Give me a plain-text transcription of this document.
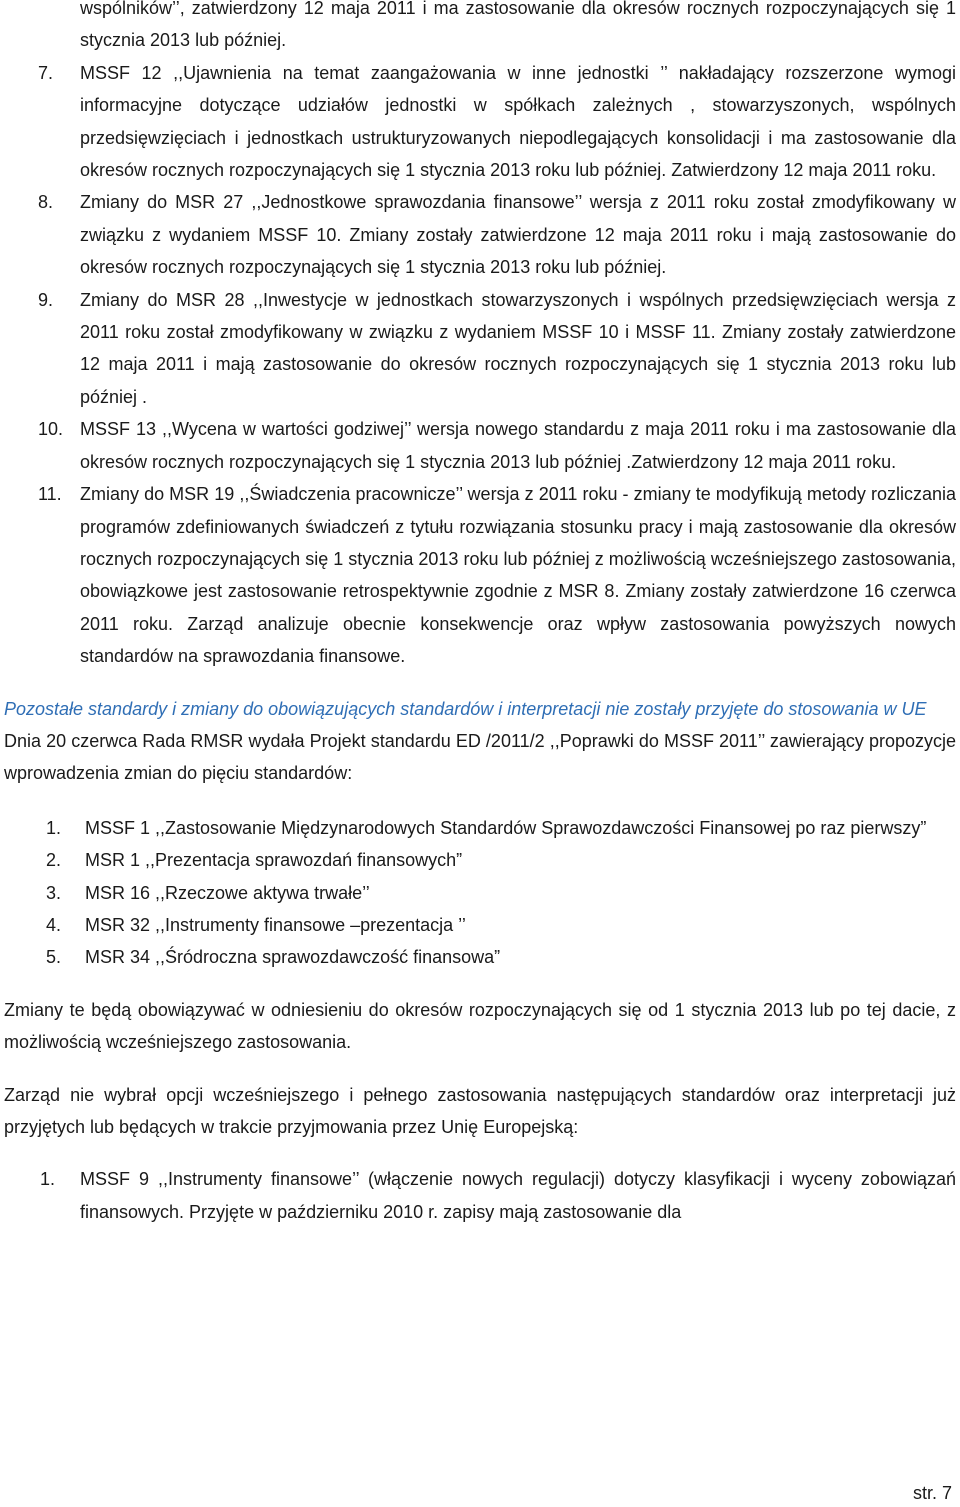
wspólników’’, zatwierdzony 12 maja 2011 i ma zastosowanie dla okresów rocznych rozpoczynających się 1 stycznia 2013 lub później.

7. MSSF 12 ,,Ujawnienia na temat zaangażowania w inne jednostki ’’ nakładający rozszerzone wymogi informacyjne dotyczące udziałów jednostki w spółkach zależnych , stowarzyszonych, wspólnych przedsięwzięciach i jednostkach ustrukturyzowanych niepodlegających konsolidacji i ma zastosowanie dla okresów rocznych rozpoczynających się 1 stycznia 2013 roku lub później. Zatwierdzony 12 maja 2011 roku.
8. Zmiany do MSR 27 ,,Jednostkowe sprawozdania finansowe’’ wersja z 2011 roku został zmodyfikowany w związku z wydaniem MSSF 10. Zmiany zostały zatwierdzone 12 maja 2011 roku i mają zastosowanie do okresów rocznych rozpoczynających się 1 stycznia 2013 roku lub później.
9. Zmiany do MSR 28 ,,Inwestycje w jednostkach stowarzyszonych i wspólnych przedsięwzięciach wersja z 2011 roku został zmodyfikowany w związku z wydaniem MSSF 10 i MSSF 11. Zmiany zostały zatwierdzone 12 maja 2011 i mają zastosowanie do okresów rocznych rozpoczynających się 1 stycznia 2013 roku lub później .
10. MSSF 13 ,,Wycena w wartości godziwej’’ wersja nowego standardu z maja 2011 roku i ma zastosowanie dla okresów rocznych rozpoczynających się 1 stycznia 2013 lub później .Zatwierdzony 12 maja 2011 roku.
11. Zmiany do MSR 19 ,,Świadczenia pracownicze’’ wersja z 2011 roku - zmiany te modyfikują metody rozliczania programów zdefiniowanych świadczeń z tytułu rozwiązania stosunku pracy i mają zastosowanie dla okresów rocznych rozpoczynających się 1 stycznia 2013 roku lub później z możliwością wcześniejszego zastosowania, obowiązkowe jest zastosowanie retrospektywnie zgodnie z MSR 8. Zmiany zostały zatwierdzone 16 czerwca 2011 roku. Zarząd analizuje obecnie konsekwencje oraz wpływ zastosowania powyższych nowych standardów na sprawozdania finansowe.

Pozostałe standardy i zmiany do obowiązujących standardów i interpretacji nie zostały przyjęte do stosowania w UE

Dnia 20 czerwca Rada RMSR wydała Projekt standardu ED /2011/2 ,,Poprawki do MSSF 2011’’ zawierający propozycje wprowadzenia zmian do pięciu standardów:

1. MSSF 1 ,,Zastosowanie Międzynarodowych Standardów Sprawozdawczości Finansowej po raz pierwszy”
2. MSR 1 ,,Prezentacja sprawozdań finansowych”
3. MSR 16 ,,Rzeczowe aktywa trwałe’’
4. MSR 32 ,,Instrumenty finansowe –prezentacja ’’
5. MSR 34 ,,Śródroczna sprawozdawczość finansowa”

Zmiany te będą obowiązywać w odniesieniu do okresów rozpoczynających się od 1 stycznia 2013 lub po tej dacie, z możliwością wcześniejszego zastosowania.

Zarząd nie wybrał opcji wcześniejszego i pełnego zastosowania następujących standardów oraz interpretacji już przyjętych lub będących w trakcie przyjmowania przez Unię Europejską:

1. MSSF 9 ,,Instrumenty finansowe’’ (włączenie nowych regulacji) dotyczy klasyfikacji i wyceny zobowiązań finansowych. Przyjęte w październiku 2010 r. zapisy mają zastosowanie dla
str. 7
